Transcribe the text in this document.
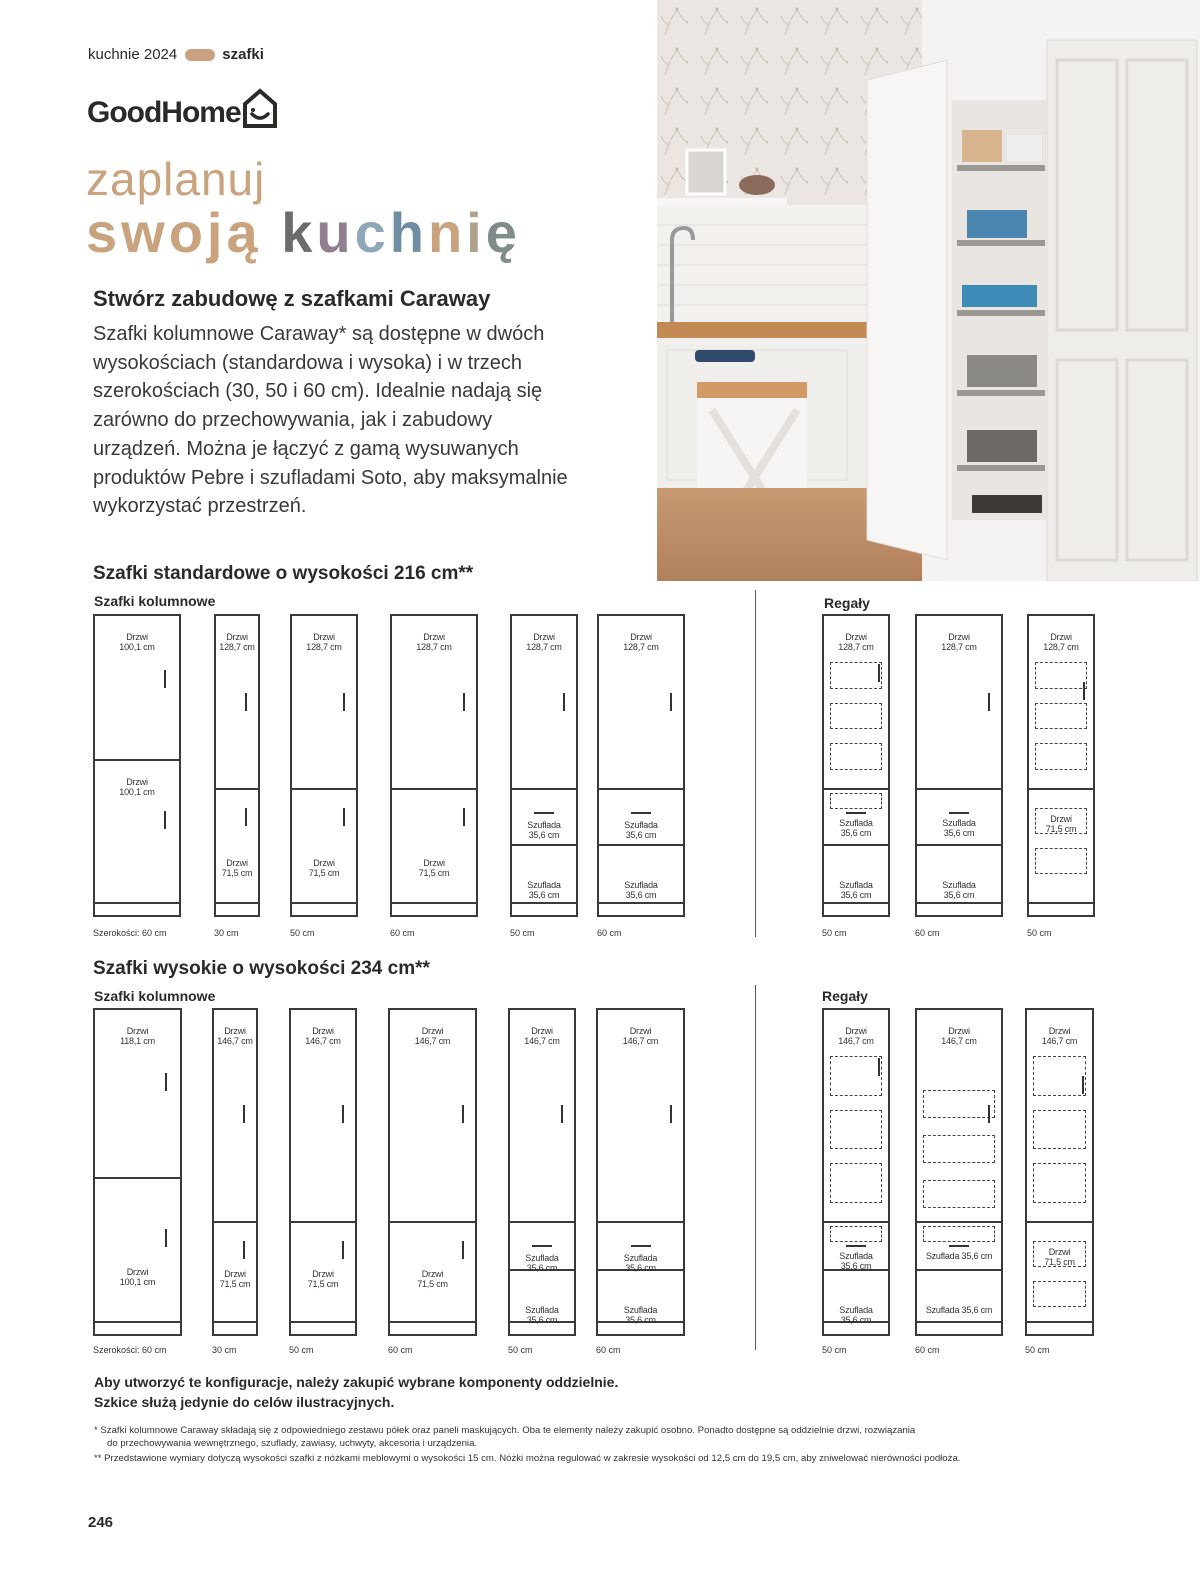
kuchnie 2024	szafki
GoodHome
zaplanuj
swoją kuchnię
Stwórz zabudowę z szafkami Caraway
Szafki kolumnowe Caraway* są dostępne w dwóch
wysokościach (standardowa i wysoka) i w trzech
szerokościach (30, 50 i 60 cm). Idealnie nadają się
zarówno do przechowywania, jak i zabudowy
urządzeń. Można je łączyć z gamą wysuwanych
produktów Pebre i szufladami Soto, aby maksymalnie
wykorzystać przestrzeń.
Szafki standardowe o wysokości 216 cm**
Szafki kolumnowe	Regały
Drzwi
100,1 cm
Drzwi
100,1 cm
Szerokości: 60 cm
Drzwi
128,7 cm
Drzwi
71,5 cm
30 cm
Drzwi
128,7 cm
Drzwi
71,5 cm
50 cm
Drzwi
128,7 cm
Drzwi
71,5 cm
60 cm
Drzwi
128,7 cm
Szuflada
35,6 cm
Szuflada
35,6 cm
50 cm
Drzwi
128,7 cm
Szuflada
35,6 cm
Szuflada
35,6 cm
60 cm
Drzwi
128,7 cm
Szuflada
35,6 cm
Szuflada
35,6 cm
50 cm
Drzwi
128,7 cm
Szuflada
35,6 cm
Szuflada
35,6 cm
60 cm
Drzwi
128,7 cm
Drzwi
71,5 cm
50 cm
Szafki wysokie o wysokości 234 cm**
Szafki kolumnowe	Regały
Drzwi
118,1 cm
Drzwi
100,1 cm
Szerokości: 60 cm
Drzwi
146,7 cm
Drzwi
71,5 cm
30 cm
Drzwi
146,7 cm
Drzwi
71,5 cm
50 cm
Drzwi
146,7 cm
Drzwi
71,5 cm
60 cm
Drzwi
146,7 cm
Szuflada
35,6 cm
Szuflada
35,6 cm
50 cm
Drzwi
146,7 cm
Szuflada
35,6 cm
Szuflada
35,6 cm
60 cm
Drzwi
146,7 cm
Szuflada
35,6 cm
Szuflada
35,6 cm
50 cm
Drzwi
146,7 cm
Szuflada 35,6 cm
Szuflada 35,6 cm
60 cm
Drzwi
146,7 cm
Drzwi
71,5 cm
50 cm
Aby utworzyć te konfiguracje, należy zakupić wybrane komponenty oddzielnie.
Szkice służą jedynie do celów ilustracyjnych.
* Szafki kolumnowe Caraway składają się z odpowiedniego zestawu półek oraz paneli maskujących. Oba te elementy należy zakupić osobno. Ponadto dostępne są oddzielnie drzwi, rozwiązania
do przechowywania wewnętrznego, szuflady, zawiasy, uchwyty, akcesoria i urządzenia.
** Przedstawione wymiary dotyczą wysokości szafki z nóżkami meblowymi o wysokości 15 cm. Nóżki można regulować w zakresie wysokości od 12,5 cm do 19,5 cm, aby zniwelować nierówności podłoża.
246
